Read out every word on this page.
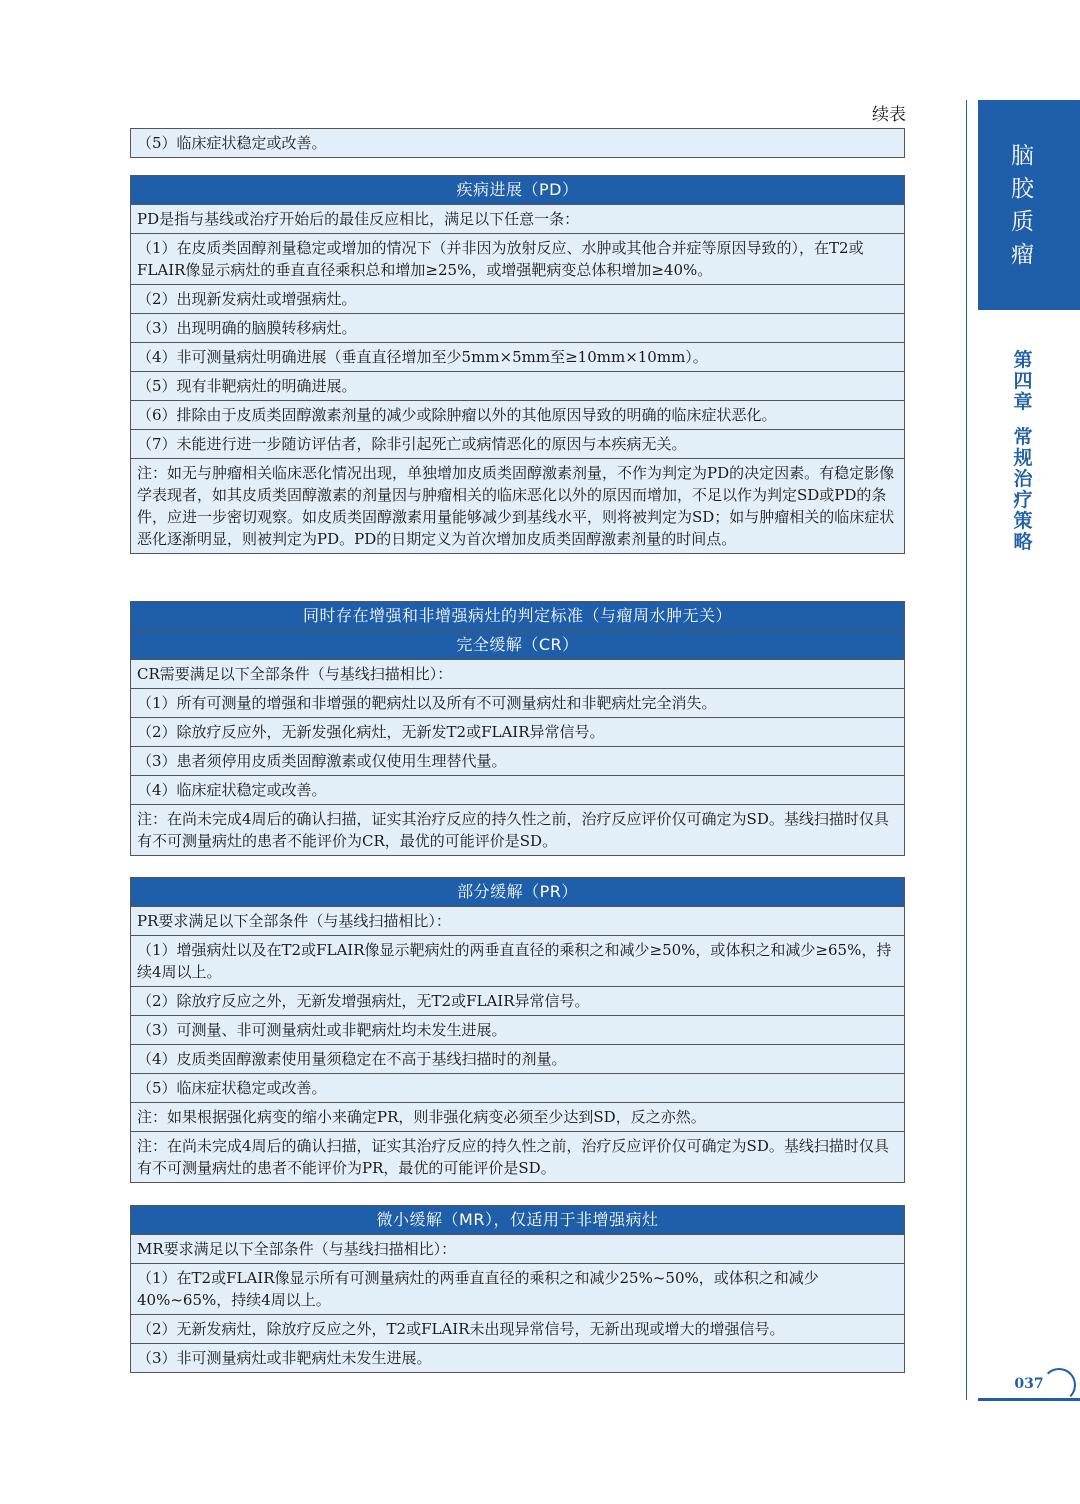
续表
（5）临床症状稳定或改善。
疾病进展（PD）
PD是指与基线或治疗开始后的最佳反应相比，满足以下任意一条：
（1）在皮质类固醇剂量稳定或增加的情况下（并非因为放射反应、水肿或其他合并症等原因导致的），在T2或FLAIR像显示病灶的垂直直径乘积总和增加≥25%，或增强靶病变总体积增加≥40%。
（2）出现新发病灶或增强病灶。
（3）出现明确的脑膜转移病灶。
（4）非可测量病灶明确进展（垂直直径增加至少5mm×5mm至≥10mm×10mm）。
（5）现有非靶病灶的明确进展。
（6）排除由于皮质类固醇激素剂量的减少或除肿瘤以外的其他原因导致的明确的临床症状恶化。
（7）未能进行进一步随访评估者，除非引起死亡或病情恶化的原因与本疾病无关。
注：如无与肿瘤相关临床恶化情况出现，单独增加皮质类固醇激素剂量，不作为判定为PD的决定因素。有稳定影像学表现者，如其皮质类固醇激素的剂量因与肿瘤相关的临床恶化以外的原因而增加，不足以作为判定SD或PD的条件，应进一步密切观察。如皮质类固醇激素用量能够减少到基线水平，则将被判定为SD；如与肿瘤相关的临床症状恶化逐渐明显，则被判定为PD。PD的日期定义为首次增加皮质类固醇激素剂量的时间点。
同时存在增强和非增强病灶的判定标准（与瘤周水肿无关）
完全缓解（CR）
CR需要满足以下全部条件（与基线扫描相比）：
（1）所有可测量的增强和非增强的靶病灶以及所有不可测量病灶和非靶病灶完全消失。
（2）除放疗反应外，无新发强化病灶，无新发T2或FLAIR异常信号。
（3）患者须停用皮质类固醇激素或仅使用生理替代量。
（4）临床症状稳定或改善。
注：在尚未完成4周后的确认扫描，证实其治疗反应的持久性之前，治疗反应评价仅可确定为SD。基线扫描时仅具有不可测量病灶的患者不能评价为CR，最优的可能评价是SD。
部分缓解（PR）
PR要求满足以下全部条件（与基线扫描相比）：
（1）增强病灶以及在T2或FLAIR像显示靶病灶的两垂直直径的乘积之和减少≥50%，或体积之和减少≥65%，持续4周以上。
（2）除放疗反应之外，无新发增强病灶，无T2或FLAIR异常信号。
（3）可测量、非可测量病灶或非靶病灶均未发生进展。
（4）皮质类固醇激素使用量须稳定在不高于基线扫描时的剂量。
（5）临床症状稳定或改善。
注：如果根据强化病变的缩小来确定PR，则非强化病变必须至少达到SD，反之亦然。
注：在尚未完成4周后的确认扫描，证实其治疗反应的持久性之前，治疗反应评价仅可确定为SD。基线扫描时仅具有不可测量病灶的患者不能评价为PR，最优的可能评价是SD。
微小缓解（MR），仅适用于非增强病灶
MR要求满足以下全部条件（与基线扫描相比）：
（1）在T2或FLAIR像显示所有可测量病灶的两垂直直径的乘积之和减少25%~50%，或体积之和减少40%~65%，持续4周以上。
（2）无新发病灶，除放疗反应之外，T2或FLAIR未出现异常信号，无新出现或增大的增强信号。
（3）非可测量病灶或非靶病灶未发生进展。
脑
胶
质
瘤
第
四
章
常
规
治
疗
策
略
037
